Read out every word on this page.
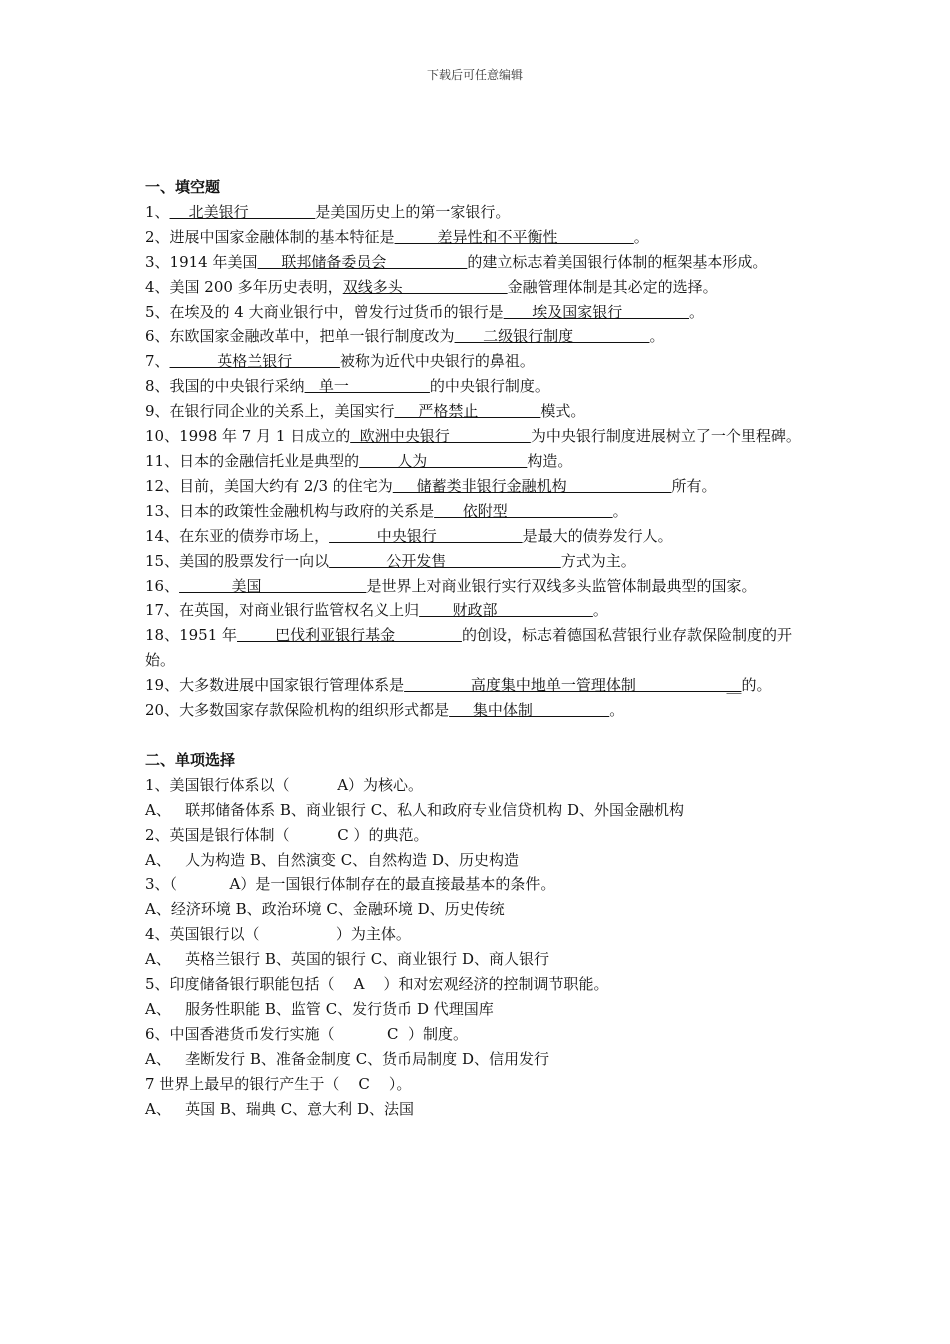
下载后可任意编辑
一、填空题
1、    北美银行              是美国历史上的第一家银行。
2、进展中国家金融体制的基本特征是         差异性和不平衡性                。
3、1914 年美国     联邦储备委员会                 的建立标志着美国银行体制的框架基本形成。
4、美国 200 多年历史表明，双线多头                      金融管理体制是其必定的选择。
5、在埃及的 4 大商业银行中，曾发行过货币的银行是      埃及国家银行              。
6、东欧国家金融改革中，把单一银行制度改为      二级银行制度                。
7、          英格兰银行          被称为近代中央银行的鼻祖。
8、我国的中央银行采纳   单一                 的中央银行制度。
9、在银行同企业的关系上，美国实行     严格禁止             模式。
10、1998 年 7 月 1 日成立的  欧洲中央银行                 为中央银行制度进展树立了一个里程碑。
11、日本的金融信托业是典型的        人为                     构造。
12、目前，美国大约有 2/3 的住宅为     储蓄类非银行金融机构                      所有。
13、日本的政策性金融机构与政府的关系是      依附型                      。
14、在东亚的债券市场上，          中央银行                  是最大的债券发行人。
15、美国的股票发行一向以            公开发售                        方式为主。
16、           美国                      是世界上对商业银行实行双线多头监管体制最典型的国家。
17、在英国，对商业银行监管权名义上归       财政部                    。
18、1951 年        巴伐利亚银行基金              的创设，标志着德国私营银行业存款保险制度的开始。
19、大多数进展中国家银行管理体系是              高度集中地单一管理体制                   __的。
20、大多数国家存款保险机构的组织形式都是     集中体制                。
二、单项选择
1、美国银行体系以（          A）为核心。
A、   联邦储备体系 B、商业银行 C、私人和政府专业信贷机构 D、外国金融机构
2、英国是银行体制（          C ）的典范。
A、   人为构造 B、自然演变 C、自然构造 D、历史构造
3、（           A）是一国银行体制存在的最直接最基本的条件。
A、经济环境 B、政治环境 C、金融环境 D、历史传统
4、英国银行以（                ）为主体。
A、   英格兰银行 B、英国的银行 C、商业银行 D、商人银行
5、印度储备银行职能包括（    A    ）和对宏观经济的控制调节职能。
A、   服务性职能 B、监管 C、发行货币 D 代理国库
6、中国香港货币发行实施（           C  ）制度。
A、   垄断发行 B、准备金制度 C、货币局制度 D、信用发行
7 世界上最早的银行产生于（    C    ）。
A、   英国 B、瑞典 C、意大利 D、法国
